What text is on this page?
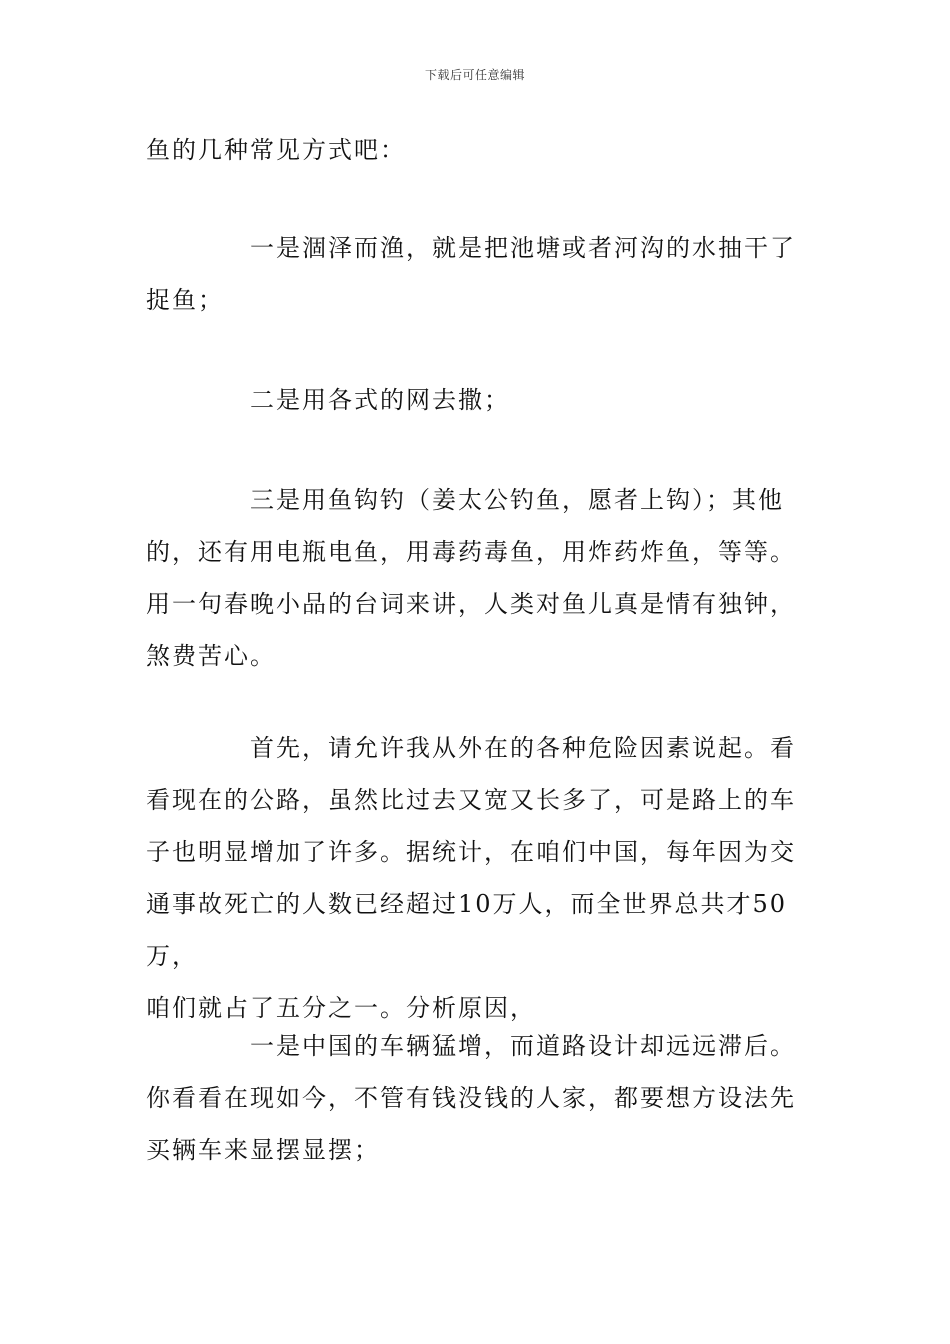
下载后可任意编辑
鱼的几种常见方式吧：
　　　　一是涸泽而渔，就是把池塘或者河沟的水抽干了
捉鱼；
　　　　二是用各式的网去撒；
　　　　三是用鱼钩钓（姜太公钓鱼，愿者上钩）；其他
的，还有用电瓶电鱼，用毒药毒鱼，用炸药炸鱼，等等。
用一句春晚小品的台词来讲，人类对鱼儿真是情有独钟，
煞费苦心。
　　　　首先，请允许我从外在的各种危险因素说起。看
看现在的公路，虽然比过去又宽又长多了，可是路上的车
子也明显增加了许多。据统计，在咱们中国，每年因为交
通事故死亡的人数已经超过10万人，而全世界总共才50万，
咱们就占了五分之一。分析原因，
　　　　一是中国的车辆猛增，而道路设计却远远滞后。
你看看在现如今，不管有钱没钱的人家，都要想方设法先
买辆车来显摆显摆；
